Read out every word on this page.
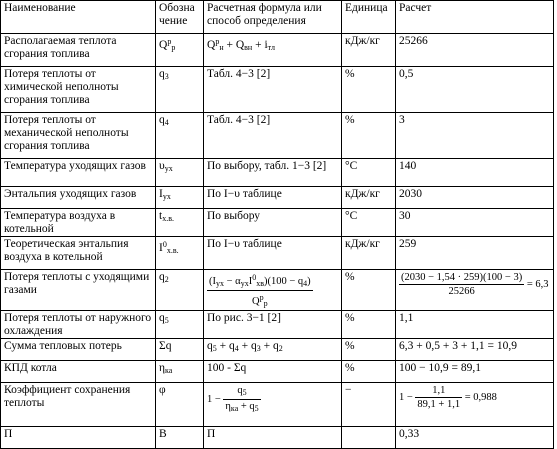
Наименование	Обозна чение	Расчетная формула или способ определения	Единица	Расчет
Располагаемая теплота сгорания топлива	$Q^р_р$	$Q^р_н + Q_{вн} + i_{тл}$	кДж/кг	25266
Потеря теплоты от химической неполноты сгорания топлива	$q_3$	Табл. 4−3 [2]	%	0,5
Потеря теплоты от механической неполноты сгорания топлива	$q_4$	Табл. 4−3 [2]	%	3
Температура уходящих газов	$\upsilon_{ух}$	По выбору, табл. 1−3 [2]	°С	140
Энтальпия уходящих газов	$I_{ух}$	По I−υ таблице	кДж/кг	2030
Температура воздуха в котельной	$t_{х.в.}$	По выбору	°С	30
Теоретическая энтальпия воздуха в котельной	$I^0_{х.в.}$	По I−υ таблице	кДж/кг	259
Потеря теплоты с уходящими газами	$q_2$	$\frac{(I_{ух} - \alpha_{ух}I^0_{хв})(100 - q_4)}{Q^р_р}$	%	$\frac{(2030 - 1,54 \cdot 259)(100 - 3)}{25266} = 6,3$
Потеря теплоты от наружного охлаждения	$q_5$	По рис. 3−1 [2]	%	1,1
Сумма тепловых потерь	Σq	$q_5 + q_4 + q_3 + q_2$	%	6,3 + 0,5 + 3 + 1,1 = 10,9
КПД котла	$\eta_{ка}$	100 - Σq	%	100 − 10,9 = 89,1
Коэффициент сохранения теплоты	φ	$1 - \frac{q_5}{\eta_{ка} + q_5}$	−	$1 - \frac{1,1}{89,1 + 1,1} = 0,988$
П	В	П		0,33
